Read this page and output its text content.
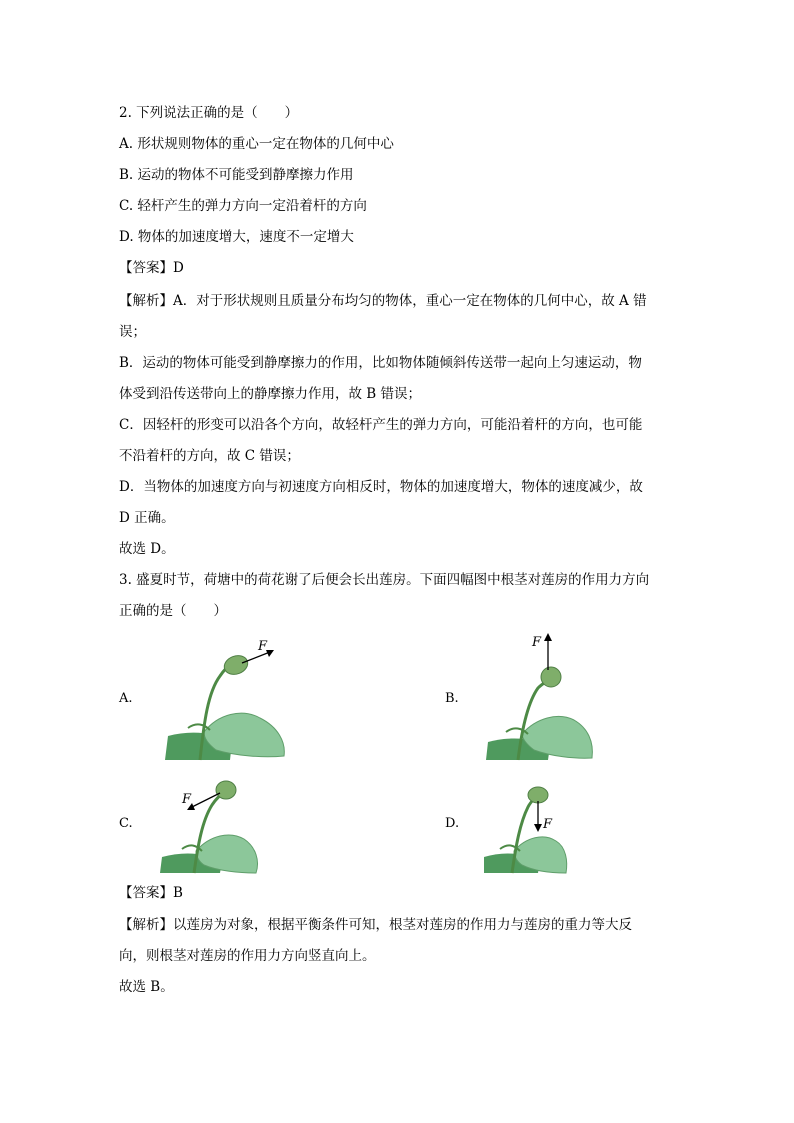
2. 下列说法正确的是（　　）
A. 形状规则物体的重心一定在物体的几何中心
B. 运动的物体不可能受到静摩擦力作用
C. 轻杆产生的弹力方向一定沿着杆的方向
D. 物体的加速度增大，速度不一定增大
【答案】D
【解析】A．对于形状规则且质量分布均匀的物体，重心一定在物体的几何中心，故 A 错
误；
B．运动的物体可能受到静摩擦力的作用，比如物体随倾斜传送带一起向上匀速运动，物
体受到沿传送带向上的静摩擦力作用，故 B 错误；
C．因轻杆的形变可以沿各个方向，故轻杆产生的弹力方向，可能沿着杆的方向，也可能
不沿着杆的方向，故 C 错误；
D．当物体的加速度方向与初速度方向相反时，物体的加速度增大，物体的速度减少，故
D 正确。
故选 D。
3. 盛夏时节，荷塘中的荷花谢了后便会长出莲房。下面四幅图中根茎对莲房的作用力方向
正确的是（　　）
A.
F
B.
F
C.
F
D.	F
【答案】B
【解析】以莲房为对象，根据平衡条件可知，根茎对莲房的作用力与莲房的重力等大反
向，则根茎对莲房的作用力方向竖直向上。
故选 B。
